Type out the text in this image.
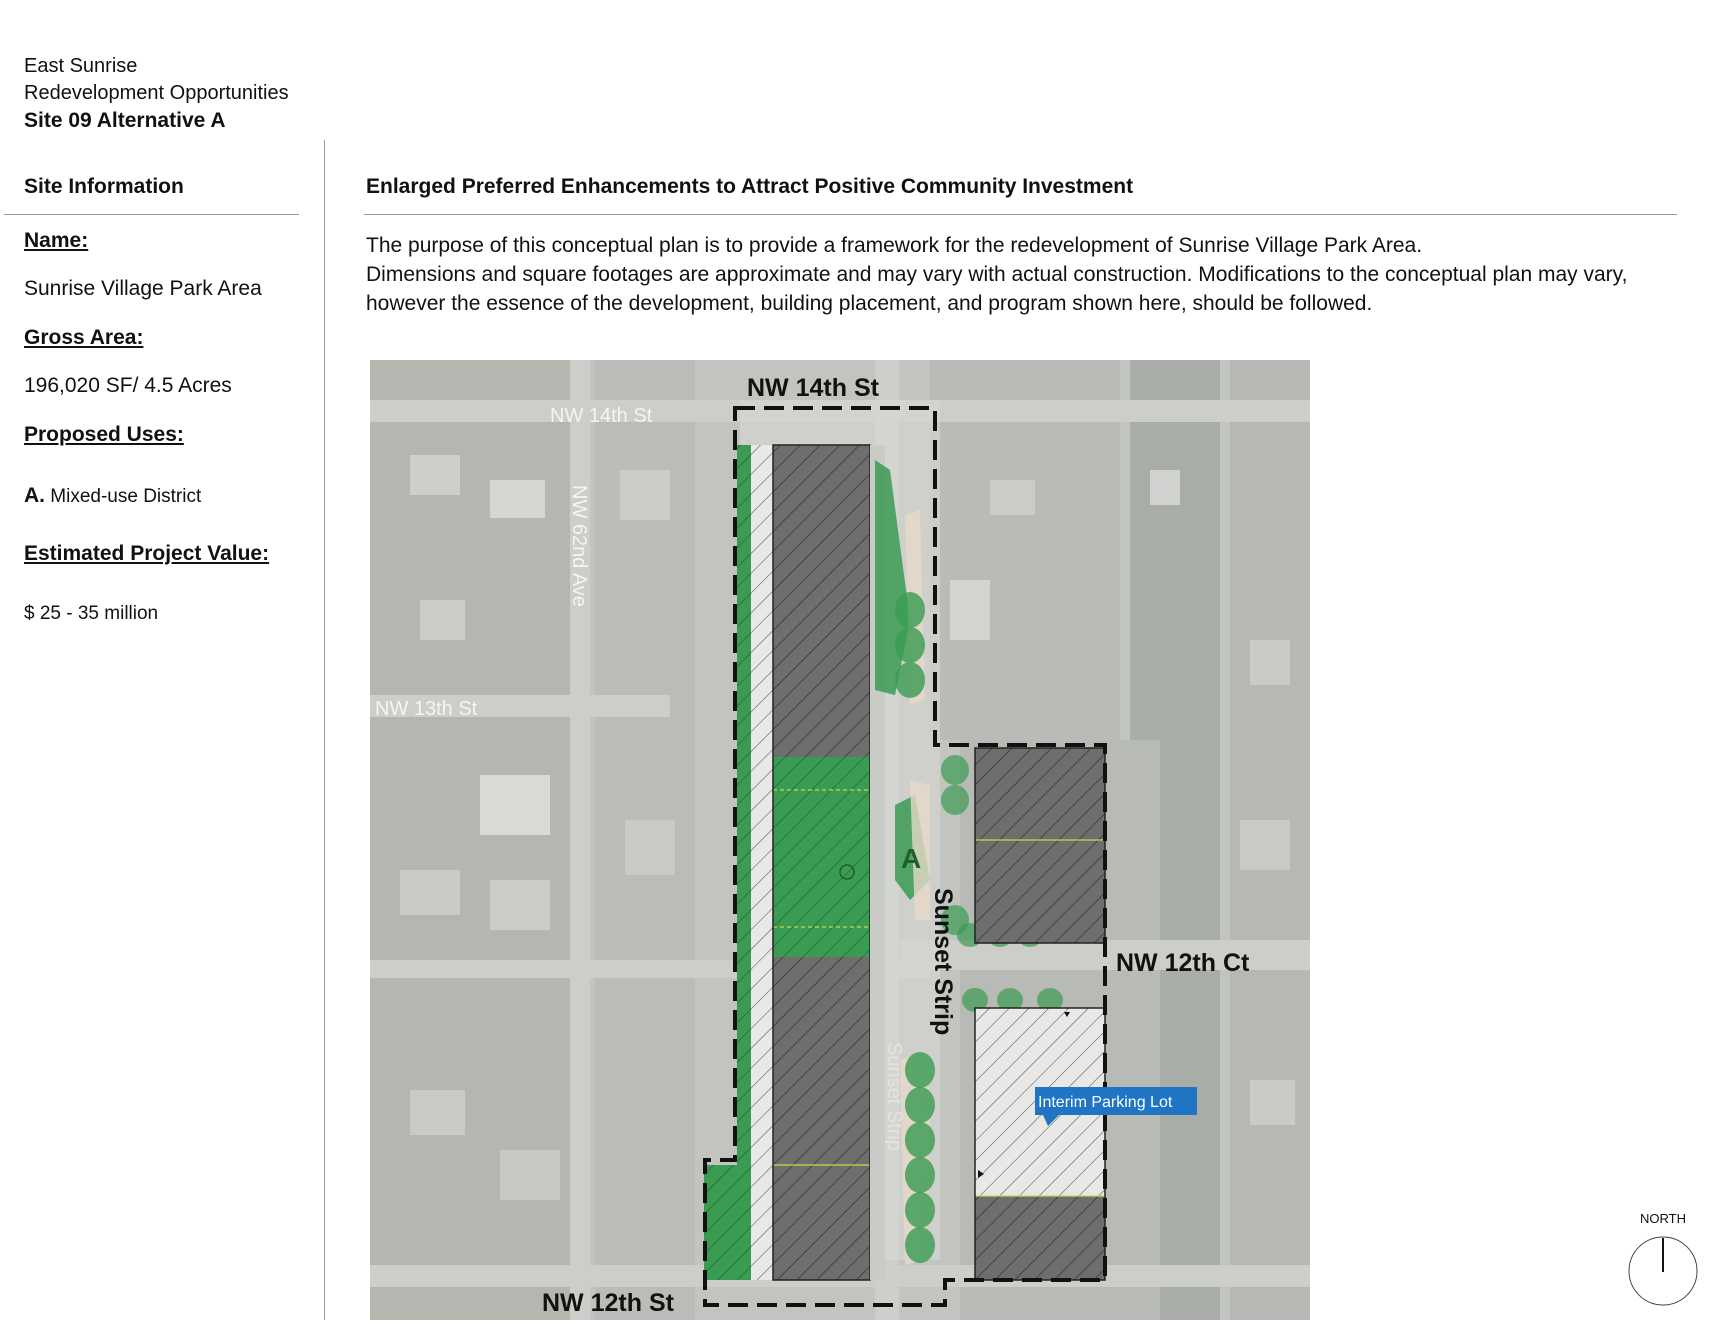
East Sunrise
Redevelopment Opportunities
Site 09 Alternative A
Site Information
Name:
Sunrise Village Park Area
Gross Area:
196,020 SF/ 4.5 Acres
Proposed Uses:
A. Mixed-use District
Estimated Project Value:
$ 25 - 35 million
Enlarged Preferred Enhancements to Attract Positive Community Investment
The purpose of this conceptual plan is to provide a framework for the redevelopment of Sunrise Village Park Area.
Dimensions and square footages are approximate and may vary with actual construction. Modifications to the conceptual plan may vary,
however the essence of the development, building placement, and program shown here, should be followed.
NW 14th St
NW 13th St
NW 62nd Ave
A
NW 14th St
NW 12th St
NW 12th Ct
Sunset Strip
Interim Parking Lot
NORTH
